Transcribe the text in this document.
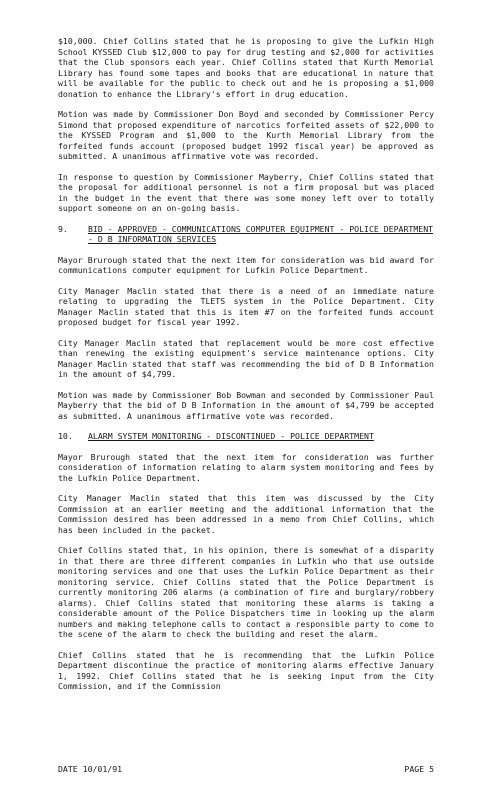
$10,000. Chief Collins stated that he is proposing to give the Lufkin High School KYSSED Club $12,000 to pay for drug testing and $2,000 for activities that the Club sponsors each year. Chief Collins stated that Kurth Memorial Library has found some tapes and books that are educational in nature that will be available for the public to check out and he is proposing a $1,000 donation to enhance the Library's effort in drug education.

Motion was made by Commissioner Don Boyd and seconded by Commissioner Percy Simond that proposed expenditure of narcotics forfeited assets of $22,000 to the KYSSED Program and $1,000 to the Kurth Memorial Library from the forfeited funds account (proposed budget 1992 fiscal year) be approved as submitted. A unanimous affirmative vote was recorded.

In response to question by Commissioner Mayberry, Chief Collins stated that the proposal for additional personnel is not a firm proposal but was placed in the budget in the event that there was some money left over to totally support someone on an on-going basis.

9.	BID - APPROVED - COMMUNICATIONS COMPUTER EQUIPMENT - POLICE DEPARTMENT - D B INFORMATION SERVICES

Mayor Brurough stated that the next item for consideration was bid award for communications computer equipment for Lufkin Police Department.

City Manager Maclin stated that there is a need of an immediate nature relating to upgrading the TLETS system in the Police Department. City Manager Maclin stated that this is item #7 on the forfeited funds account proposed budget for fiscal year 1992.

City Manager Maclin stated that replacement would be more cost effective than renewing the existing equipment's service maintenance options. City Manager Maclin stated that staff was recommending the bid of D B Information in the amount of $4,799.

Motion was made by Commissioner Bob Bowman and seconded by Commissioner Paul Mayberry that the bid of D B Information in the amount of $4,799 be accepted as submitted. A unanimous affirmative vote was recorded.

10.	ALARM SYSTEM MONITORING - DISCONTINUED - POLICE DEPARTMENT

Mayor Brurough stated that the next item for consideration was further consideration of information relating to alarm system monitoring and fees by the Lufkin Police Department.

City Manager Maclin stated that this item was discussed by the City Commission at an earlier meeting and the additional information that the Commission desired has been addressed in a memo from Chief Collins, which has been included in the packet.

Chief Collins stated that, in his opinion, there is somewhat of a disparity in that there are three different companies in Lufkin who that use outside monitoring services and one that uses the Lufkin Police Department as their monitoring service. Chief Collins stated that the Police Department is currently monitoring 206 alarms (a combination of fire and burglary/robbery alarms). Chief Collins stated that monitoring these alarms is taking a considerable amount of the Police Dispatchers time in looking up the alarm numbers and making telephone calls to contact a responsible party to come to the scene of the alarm to check the building and reset the alarm.

Chief Collins stated that he is recommending that the Lufkin Police Department discontinue the practice of monitoring alarms effective January 1, 1992. Chief Collins stated that he is seeking input from the City Commission, and if the Commission

DATE 10/01/91	PAGE 5
